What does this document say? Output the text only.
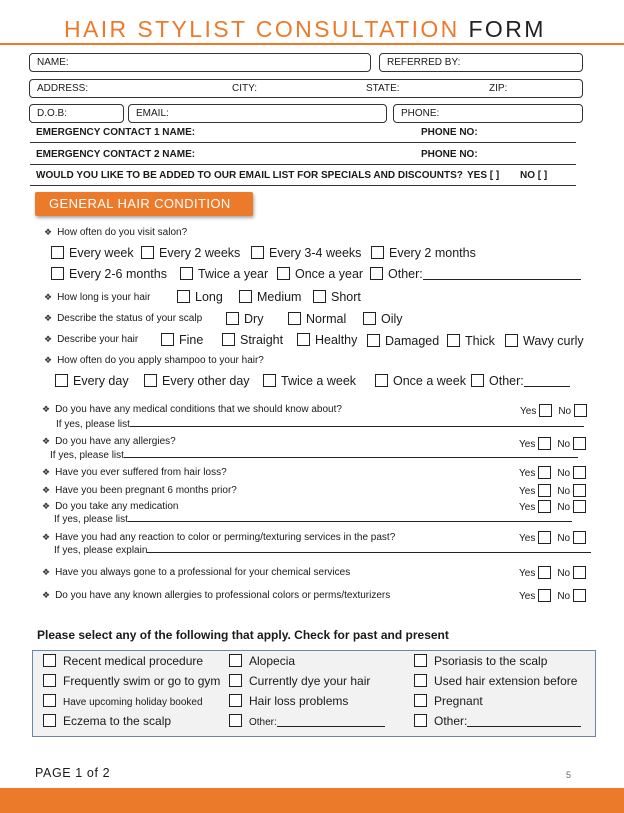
HAIR STYLIST CONSULTATION FORM
NAME:	REFERRED BY:
ADDRESS:	CITY:	STATE:	ZIP:
D.O.B:	EMAIL:	PHONE:
EMERGENCY CONTACT 1 NAME:	PHONE NO:
EMERGENCY CONTACT 2 NAME:	PHONE NO:
WOULD YOU LIKE TO BE ADDED TO OUR EMAIL LIST FOR SPECIALS AND DISCOUNTS? YES [ ] NO [ ]
GENERAL HAIR CONDITION
❖ How often do you visit salon?
Every week	Every 2 weeks	Every 3-4 weeks	Every 2 months
Every 2-6 months	Twice a year	Once a year	Other:
❖ How long is your hair	Long	Medium	Short
❖ Describe the status of your scalp	Dry	Normal	Oily
❖ Describe your hair	Fine	Straight	Healthy	Damaged	Thick	Wavy curly
❖ How often do you apply shampoo to your hair?
Every day	Every other day	Twice a week	Once a week	Other:
❖ Do you have any medical conditions that we should know about?	Yes No
If yes, please list
❖ Do you have any allergies?	Yes No
If yes, please list
❖ Have you ever suffered from hair loss?	Yes No
❖ Have you been pregnant 6 months prior?	Yes No
❖ Do you take any medication	Yes No
If yes, please list
❖ Have you had any reaction to color or perming/texturing services in the past?	Yes No
If yes, please explain
❖ Have you always gone to a professional for your chemical services	Yes No
❖ Do you have any known allergies to professional colors or perms/texturizers	Yes No
Please select any of the following that apply. Check for past and present
Recent medical procedure	Alopecia	Psoriasis to the scalp
Frequently swim or go to gym	Currently dye your hair	Used hair extension before
Have upcoming holiday booked	Hair loss problems	Pregnant
Eczema to the scalp	Other:	Other:
PAGE 1 of 2	5
